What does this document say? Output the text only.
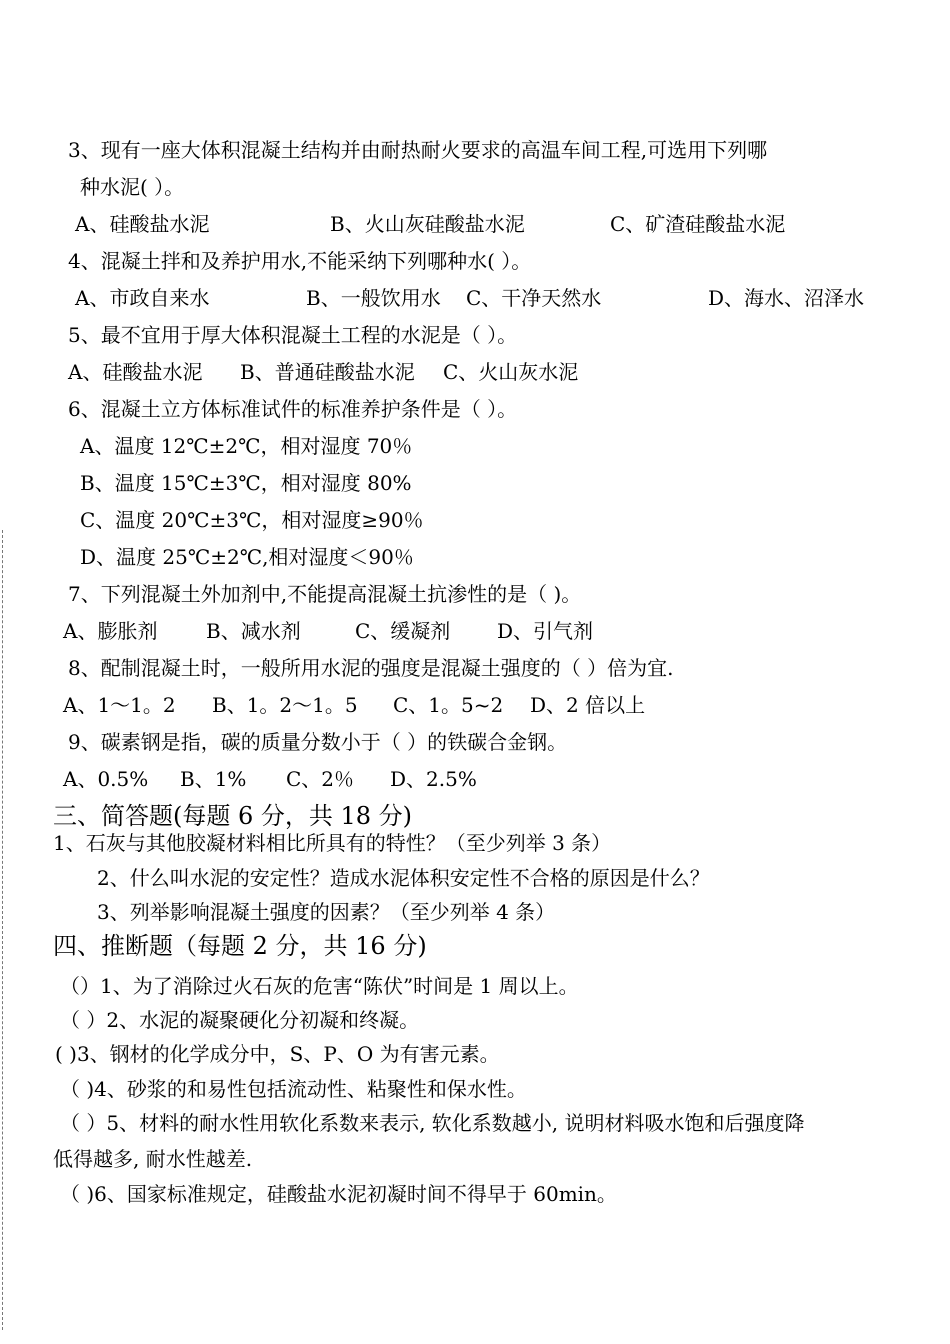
3、现有一座大体积混凝土结构并由耐热耐火要求的高温车间工程,可选用下列哪
种水泥( ）。
A、硅酸盐水泥	B、火山灰硅酸盐水泥	C、矿渣硅酸盐水泥
4、混凝土拌和及养护用水,不能采纳下列哪种水( ）。
A、市政自来水	B、一般饮用水 C、干净天然水	D、海水、沼泽水
5、最不宜用于厚大体积混凝土工程的水泥是（ ）。
A、硅酸盐水泥 B、普通硅酸盐水泥 C、火山灰水泥
6、混凝土立方体标准试件的标准养护条件是（ ）。
A、温度 12℃±2℃，相对湿度 70％
B、温度 15℃±3℃，相对湿度 80%
C、温度 20℃±3℃，相对湿度≥90％
D、温度 25℃±2℃,相对湿度＜90％
7、下列混凝土外加剂中,不能提高混凝土抗渗性的是（ )。
A、膨胀剂 B、减水剂	C、缓凝剂 D、引气剂
8、配制混凝土时，一般所用水泥的强度是混凝土强度的（ ）倍为宜.
A、1～1。2 B、1。2～1。5 C、1。5~2 D、2 倍以上
9、碳素钢是指，碳的质量分数小于（ ）的铁碳合金钢。
A、0.5% B、1% C、2％ D、2.5%
三、简答题(每题 6 分，共 18 分)
1、石灰与其他胶凝材料相比所具有的特性？（至少列举 3 条）
2、什么叫水泥的安定性？造成水泥体积安定性不合格的原因是什么？
3、列举影响混凝土强度的因素？（至少列举 4 条）
四、推断题（每题 2 分，共 16 分)
（）1、为了消除过火石灰的危害“陈伏”时间是 1 周以上。
（ ）2、水泥的凝聚硬化分初凝和终凝。
( )3、钢材的化学成分中，S、P、O 为有害元素。
（ )4、砂浆的和易性包括流动性、粘聚性和保水性。
（ ）5、材料的耐水性用软化系数来表示, 软化系数越小, 说明材料吸水饱和后强度降
低得越多, 耐水性越差.
（ )6、国家标准规定，硅酸盐水泥初凝时间不得早于 60min。
